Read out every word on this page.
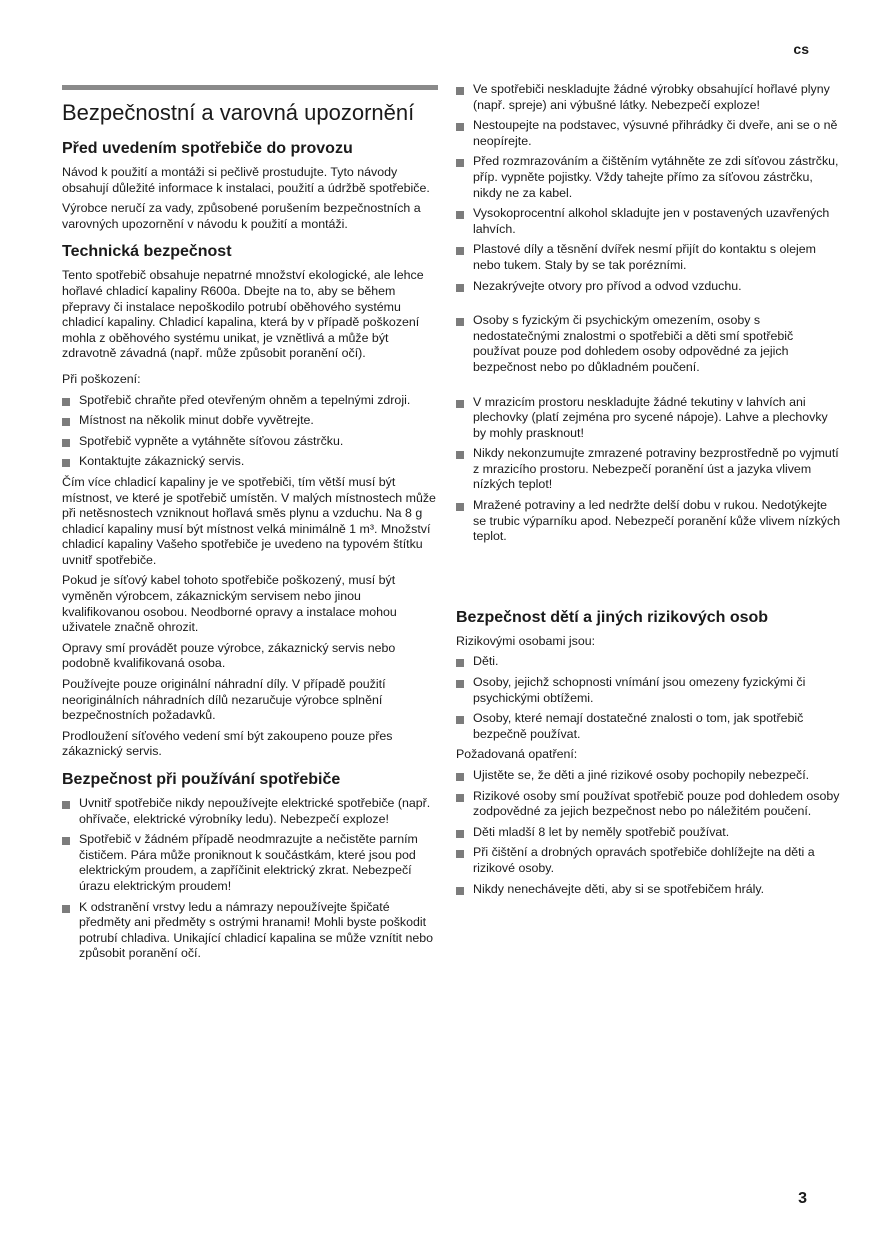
cs
Bezpečnostní a varovná upozornění
Před uvedením spotřebiče do provozu

Návod k použití a montáži si pečlivě prostudujte. Tyto návody obsahují důležité informace k instalaci, použití a údržbě spotřebiče.

Výrobce neručí za vady, způsobené porušením bezpečnostních a varovných upozornění v návodu k použití a montáži.

Technická bezpečnost

Tento spotřebič obsahuje nepatrné množství ekologické, ale lehce hořlavé chladicí kapaliny R600a. Dbejte na to, aby se během přepravy či instalace nepoškodilo potrubí oběhového systému chladicí kapaliny. Chladicí kapalina, která by v případě poškození mohla z oběhového systému unikat, je vznětlivá a může být zdravotně závadná (např. může způsobit poranění očí).

Při poškození:

Spotřebič chraňte před otevřeným ohněm a tepelnými zdroji.
Místnost na několik minut dobře vyvětrejte.
Spotřebič vypněte a vytáhněte síťovou zástrčku.
Kontaktujte zákaznický servis.

Čím více chladicí kapaliny je ve spotřebiči, tím větší musí být místnost, ve které je spotřebič umístěn. V malých místnostech může při netěsnostech vzniknout hořlavá směs plynu a vzduchu. Na 8 g chladicí kapaliny musí být místnost velká minimálně 1 m³. Množství chladicí kapaliny Vašeho spotřebiče je uvedeno na typovém štítku uvnitř spotřebiče.

Pokud je síťový kabel tohoto spotřebiče poškozený, musí být vyměněn výrobcem, zákaznickým servisem nebo jinou kvalifikovanou osobou. Neodborné opravy a instalace mohou uživatele značně ohrozit.

Opravy smí provádět pouze výrobce, zákaznický servis nebo podobně kvalifikovaná osoba.

Používejte pouze originální náhradní díly. V případě použití neoriginálních náhradních dílů nezaručuje výrobce splnění bezpečnostních požadavků.

Prodloužení síťového vedení smí být zakoupeno pouze přes zákaznický servis.

Bezpečnost při používání spotřebiče
Uvnitř spotřebiče nikdy nepoužívejte elektrické spotřebiče (např. ohřívače, elektrické výrobníky ledu). Nebezpečí exploze!
Spotřebič v žádném případě neodmrazujte a nečistěte parním čističem. Pára může proniknout k součástkám, které jsou pod elektrickým proudem, a zapříčinit elektrický zkrat. Nebezpečí úrazu elektrickým proudem!
K odstranění vrstvy ledu a námrazy nepoužívejte špičaté předměty ani předměty s ostrými hranami! Mohli byste poškodit potrubí chladiva. Unikající chladicí kapalina se může vznítit nebo způsobit poranění očí.
Ve spotřebiči neskladujte žádné výrobky obsahující hořlavé plyny (např. spreje) ani výbušné látky. Nebezpečí exploze!
Nestoupejte na podstavec, výsuvné přihrádky či dveře, ani se o ně neopírejte.
Před rozmrazováním a čištěním vytáhněte ze zdi síťovou zástrčku, příp. vypněte pojistky. Vždy tahejte přímo za síťovou zástrčku, nikdy ne za kabel.
Vysokoprocentní alkohol skladujte jen v postavených uzavřených lahvích.
Plastové díly a těsnění dvířek nesmí přijít do kontaktu s olejem nebo tukem. Staly by se tak porézními.
Nezakrývejte otvory pro přívod a odvod vzduchu.
Osoby s fyzickým či psychickým omezením, osoby s nedostatečnými znalostmi o spotřebiči a děti smí spotřebič používat pouze pod dohledem osoby odpovědné za jejich bezpečnost nebo po důkladném poučení.
V mrazicím prostoru neskladujte žádné tekutiny v lahvích ani plechovky (platí zejména pro sycené nápoje). Lahve a plechovky by mohly prasknout!
Nikdy nekonzumujte zmrazené potraviny bezprostředně po vyjmutí z mrazicího prostoru. Nebezpečí poranění úst a jazyka vlivem nízkých teplot!
Mražené potraviny a led nedržte delší dobu v rukou. Nedotýkejte se trubic výparníku apod. Nebezpečí poranění kůže vlivem nízkých teplot.
Bezpečnost dětí a jiných rizikových osob

Rizikovými osobami jsou:

Děti.
Osoby, jejichž schopnosti vnímání jsou omezeny fyzickými či psychickými obtížemi.
Osoby, které nemají dostatečné znalosti o tom, jak spotřebič bezpečně používat.

Požadovaná opatření:

Ujistěte se, že děti a jiné rizikové osoby pochopily nebezpečí.
Rizikové osoby smí používat spotřebič pouze pod dohledem osoby zodpovědné za jejich bezpečnost nebo po náležitém poučení.
Děti mladší 8 let by neměly spotřebič používat.
Při čištění a drobných opravách spotřebiče dohlížejte na děti a rizikové osoby.
Nikdy nenechávejte děti, aby si se spotřebičem hrály.
3
